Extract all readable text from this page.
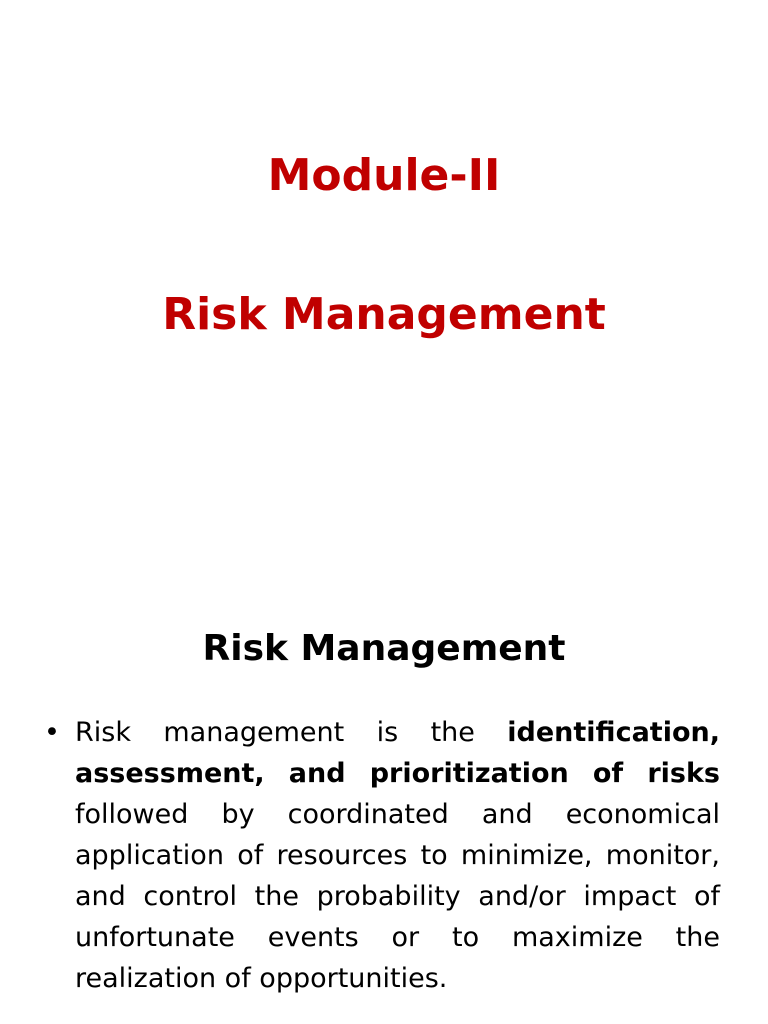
Module-II
Risk Management
Risk Management
• Risk management is the identification, assessment, and prioritization of risks followed by coordinated and economical application of resources to minimize, monitor, and control the probability and/or impact of unfortunate events or to maximize the realization of opportunities.
